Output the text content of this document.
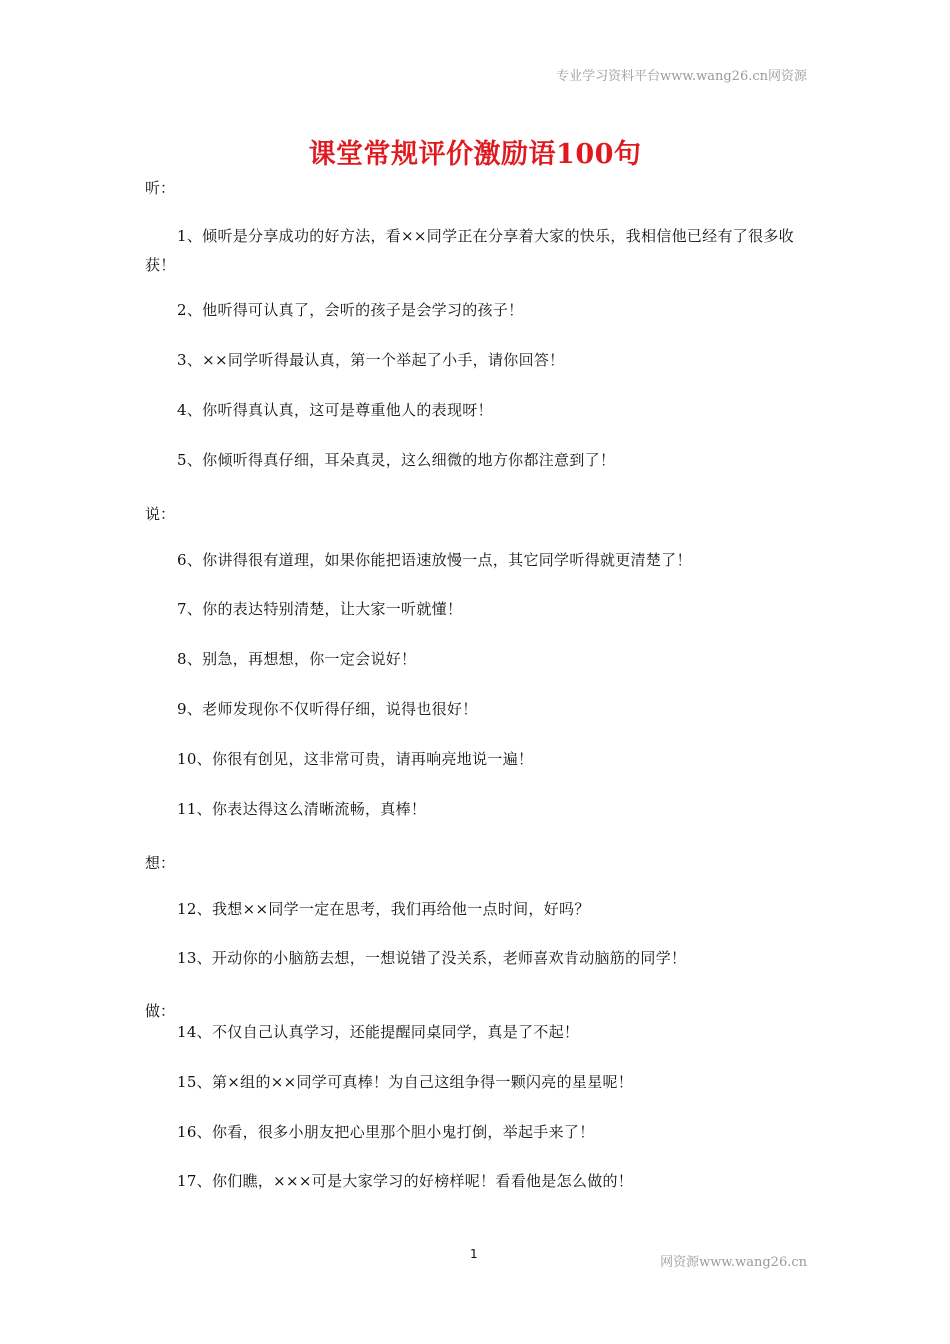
专业学习资料平台www.wang26.cn网资源
课堂常规评价激励语100句
听：
1、倾听是分享成功的好方法，看××同学正在分享着大家的快乐，我相信他已经有了很多收获！
2、他听得可认真了，会听的孩子是会学习的孩子！
3、××同学听得最认真，第一个举起了小手，请你回答！
4、你听得真认真，这可是尊重他人的表现呀！
5、你倾听得真仔细，耳朵真灵，这么细微的地方你都注意到了！
说：
6、你讲得很有道理，如果你能把语速放慢一点，其它同学听得就更清楚了！
7、你的表达特别清楚，让大家一听就懂！
8、别急，再想想，你一定会说好！
9、老师发现你不仅听得仔细，说得也很好！
10、你很有创见，这非常可贵，请再响亮地说一遍！
11、你表达得这么清晰流畅，真棒！
想：
12、我想××同学一定在思考，我们再给他一点时间，好吗？
13、开动你的小脑筋去想，一想说错了没关系，老师喜欢肯动脑筋的同学！
做：
14、不仅自己认真学习，还能提醒同桌同学，真是了不起！
15、第×组的××同学可真棒！为自己这组争得一颗闪亮的星星呢！
16、你看，很多小朋友把心里那个胆小鬼打倒，举起手来了！
17、你们瞧，×××可是大家学习的好榜样呢！看看他是怎么做的！
1
网资源www.wang26.cn
